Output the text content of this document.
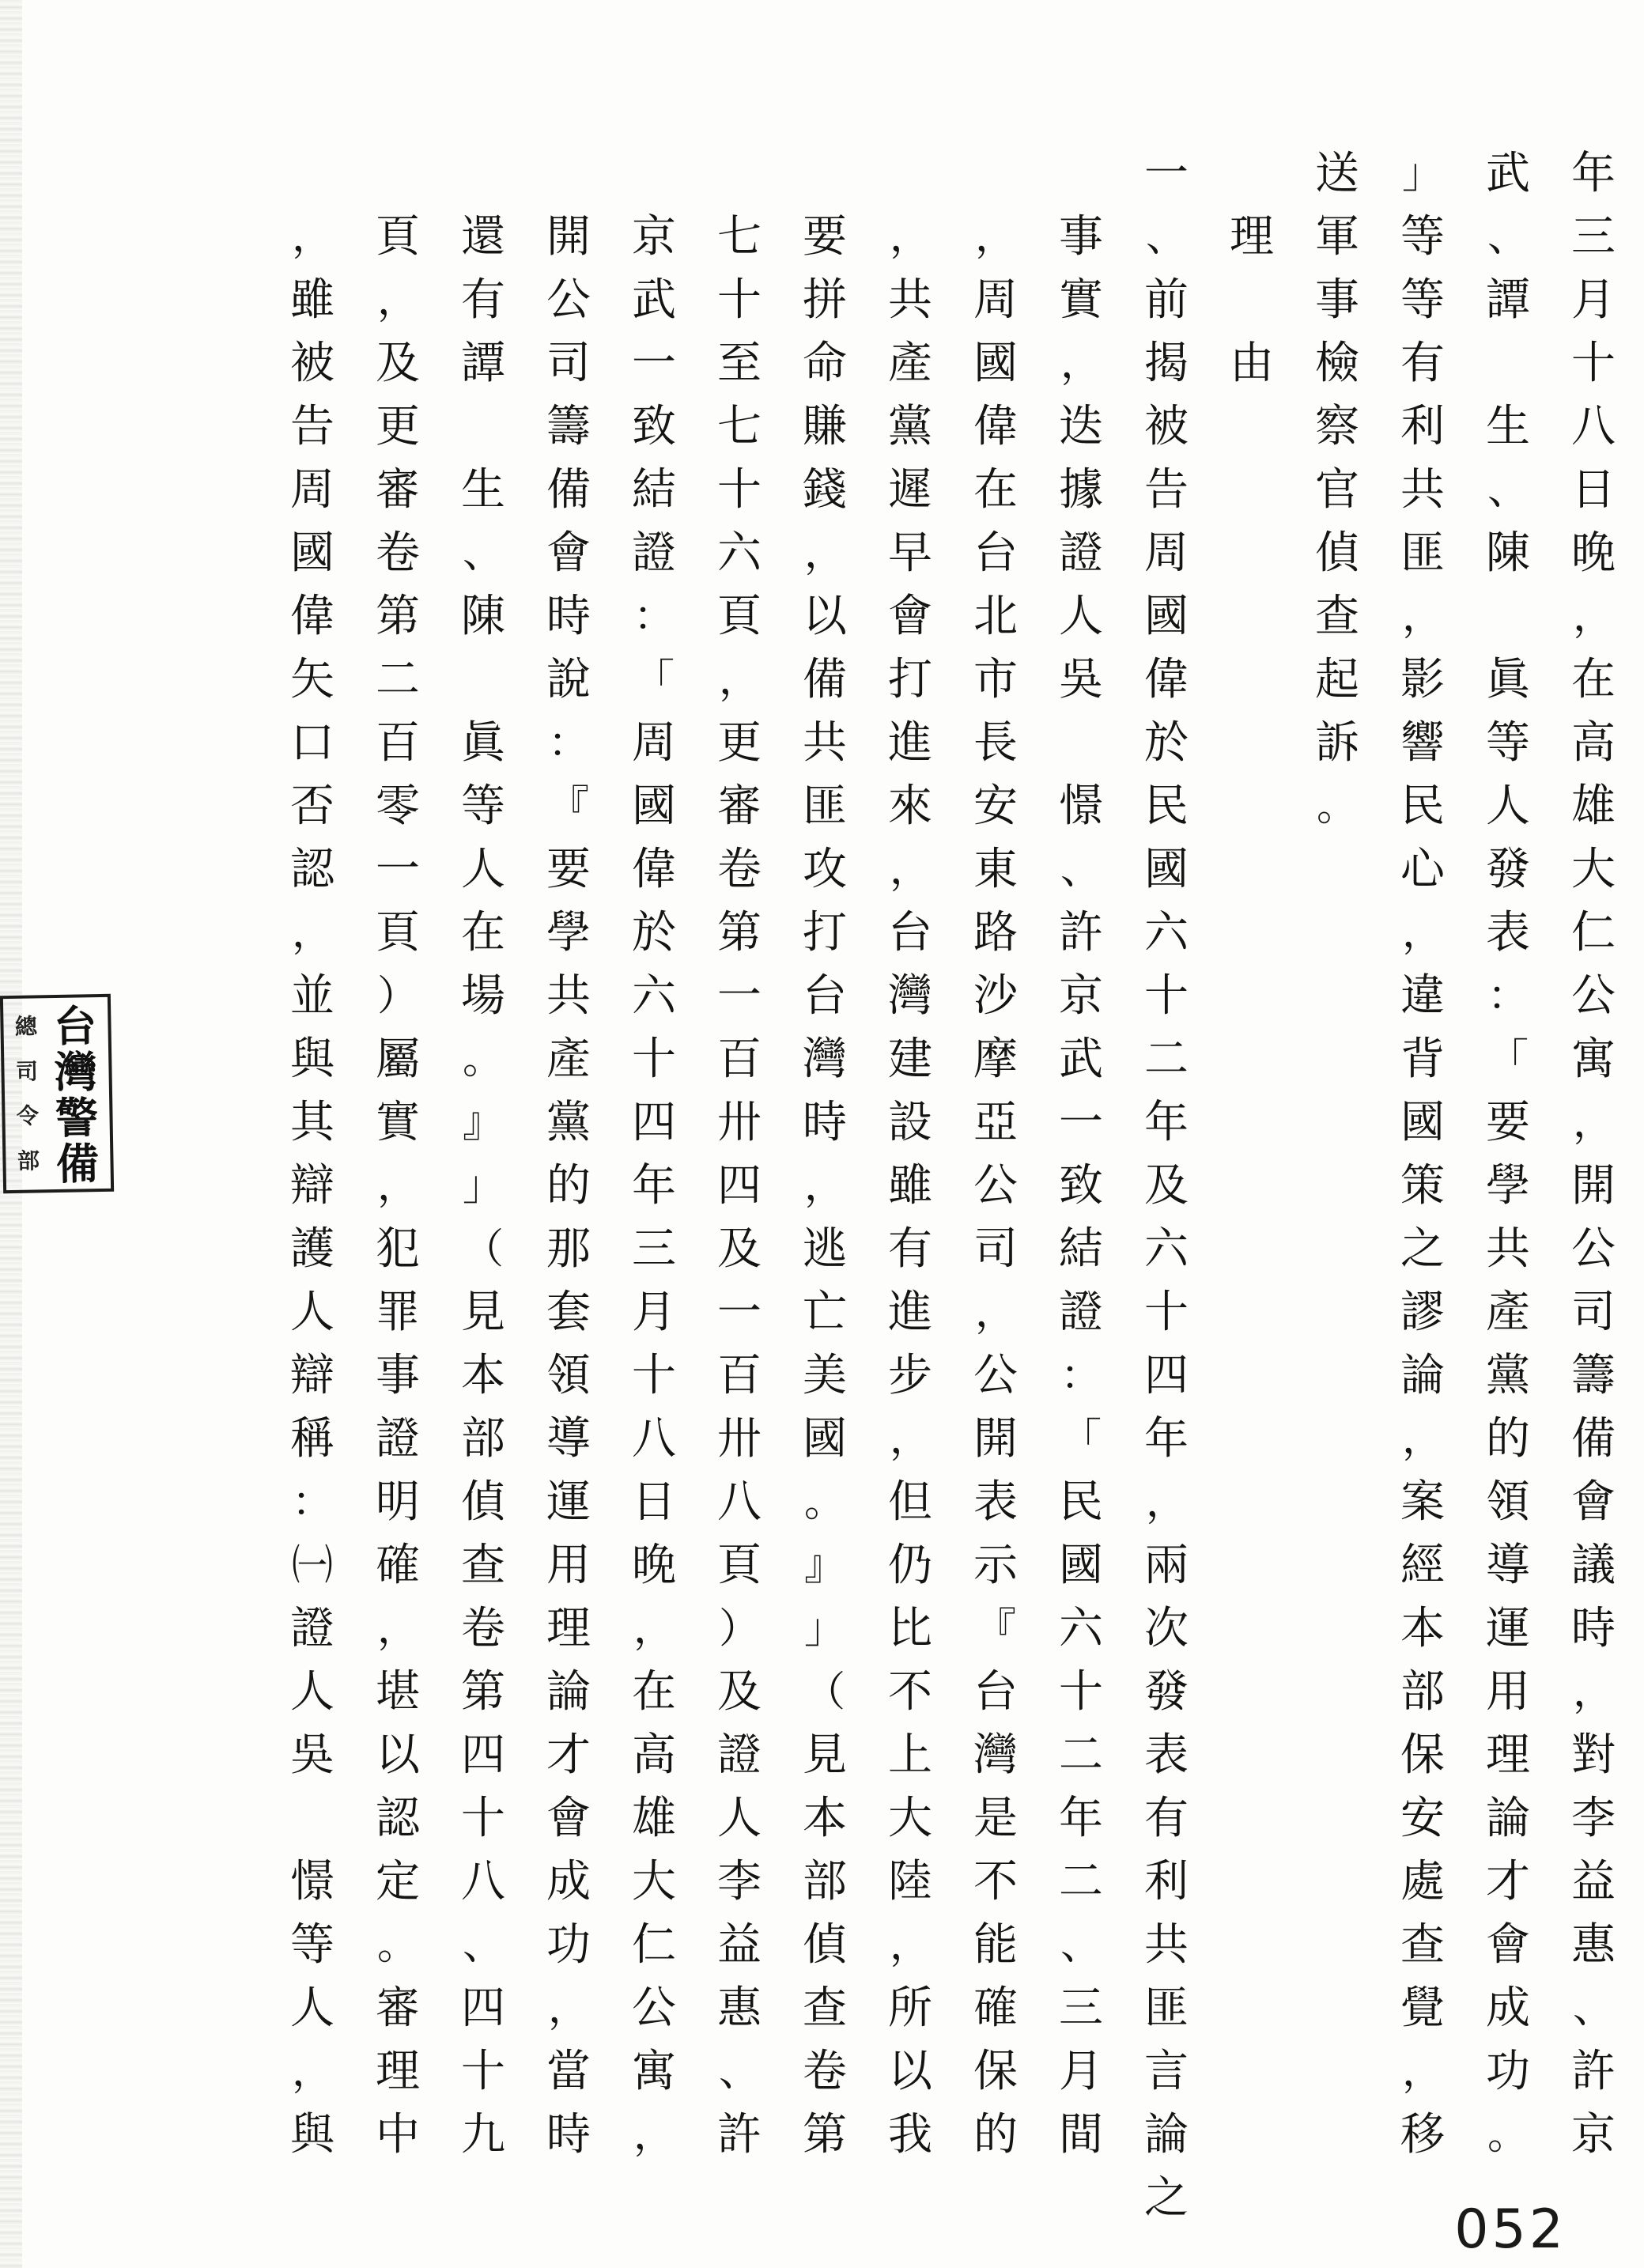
年
三
月
十
八
日
晚
，
在
高
雄
大
仁
公
寓
，
開
公
司
籌
備
會
議
時
，
對
李
益
惠
、
許
京
武
、
譚
生
、
陳
眞
等
人
發
表
：
「
要
學
共
產
黨
的
領
導
運
用
理
論
才
會
成
功
。
」
等
等
有
利
共
匪
，
影
響
民
心
，
違
背
國
策
之
謬
論
，
案
經
本
部
保
安
處
查
覺
，
移
送
軍
事
檢
察
官
偵
查
起
訴
。
理
由
一
、
前
揭
被
告
周
國
偉
於
民
國
六
十
二
年
及
六
十
四
年
，
兩
次
發
表
有
利
共
匪
言
論
之
事
實
，
迭
據
證
人
吳
憬
、
許
京
武
一
致
結
證
：
「
民
國
六
十
二
年
二
、
三
月
間
，
周
國
偉
在
台
北
市
長
安
東
路
沙
摩
亞
公
司
，
公
開
表
示
『
台
灣
是
不
能
確
保
的
，
共
產
黨
遲
早
會
打
進
來
，
台
灣
建
設
雖
有
進
步
，
但
仍
比
不
上
大
陸
，
所
以
我
要
拼
命
賺
錢
，
以
備
共
匪
攻
打
台
灣
時
，
逃
亡
美
國
。
』
」
（
見
本
部
偵
查
卷
第
七
十
至
七
十
六
頁
，
更
審
卷
第
一
百
卅
四
及
一
百
卅
八
頁
）
及
證
人
李
益
惠
、
許
京
武
一
致
結
證
：
「
周
國
偉
於
六
十
四
年
三
月
十
八
日
晚
，
在
高
雄
大
仁
公
寓
，
開
公
司
籌
備
會
時
說
：
『
要
學
共
產
黨
的
那
套
領
導
運
用
理
論
才
會
成
功
，
當
時
還
有
譚
生
、
陳
眞
等
人
在
場
。
』
」
（
見
本
部
偵
查
卷
第
四
十
八
、
四
十
九
頁
，
及
更
審
卷
第
二
百
零
一
頁
）
屬
實
，
犯
罪
事
證
明
確
，
堪
以
認
定
。
審
理
中
，
雖
被
告
周
國
偉
矢
口
否
認
，
並
與
其
辯
護
人
辯
稱
：
㈠
證
人
吳
憬
等
人
，
與
台
灣
警
備
總
司
令
部
052
